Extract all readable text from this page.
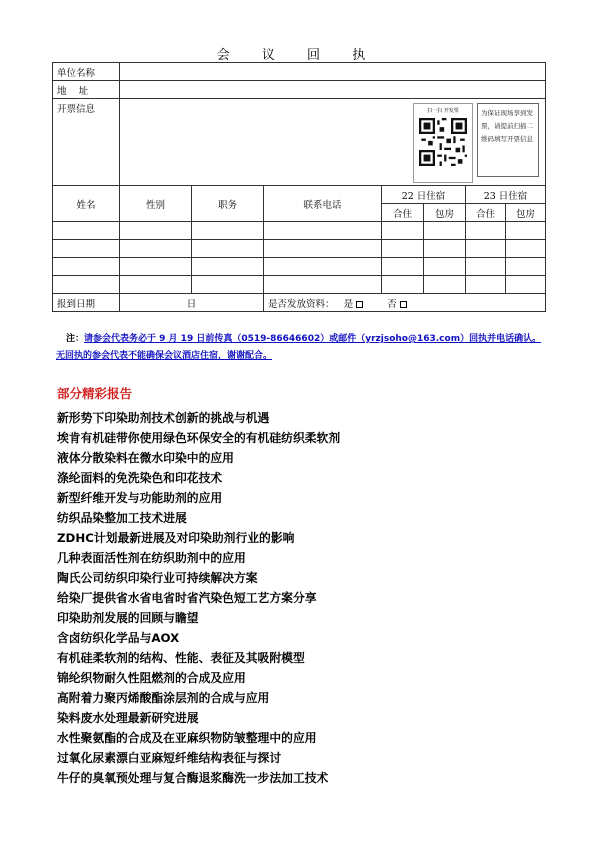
会 议 回 执
单位名称							
地    址							
开票信息							
姓名	性别	职务	联系电话	22 日住宿		23 日住宿	
				合住	包房	合住	包房

报到日期	日		是否发放资料： 是 否				
扫一扫 开发票	为保证现场享到发票，请提前扫描二维码填写开票信息
注：请参会代表务必于 9 月 19 日前传真（0519-86646602）或邮件（yrzjsoho@163.com）回执并电话确认。无回执的参会代表不能确保会议酒店住宿，谢谢配合。
部分精彩报告
新形势下印染助剂技术创新的挑战与机遇
埃肯有机硅带你使用绿色环保安全的有机硅纺织柔软剂
液体分散染料在微水印染中的应用
涤纶面料的免洗染色和印花技术
新型纤维开发与功能助剂的应用
纺织品染整加工技术进展
ZDHC计划最新进展及对印染助剂行业的影响
几种表面活性剂在纺织助剂中的应用
陶氏公司纺织印染行业可持续解决方案
给染厂提供省水省电省时省汽染色短工艺方案分享
印染助剂发展的回顾与瞻望
含卤纺织化学品与AOX
有机硅柔软剂的结构、性能、表征及其吸附模型
锦纶织物耐久性阻燃剂的合成及应用
高附着力聚丙烯酸酯涂层剂的合成与应用
染料废水处理最新研究进展
水性聚氨酯的合成及在亚麻织物防皱整理中的应用
过氧化尿素漂白亚麻短纤维结构表征与探讨
牛仔的臭氧预处理与复合酶退浆酶洗一步法加工技术
